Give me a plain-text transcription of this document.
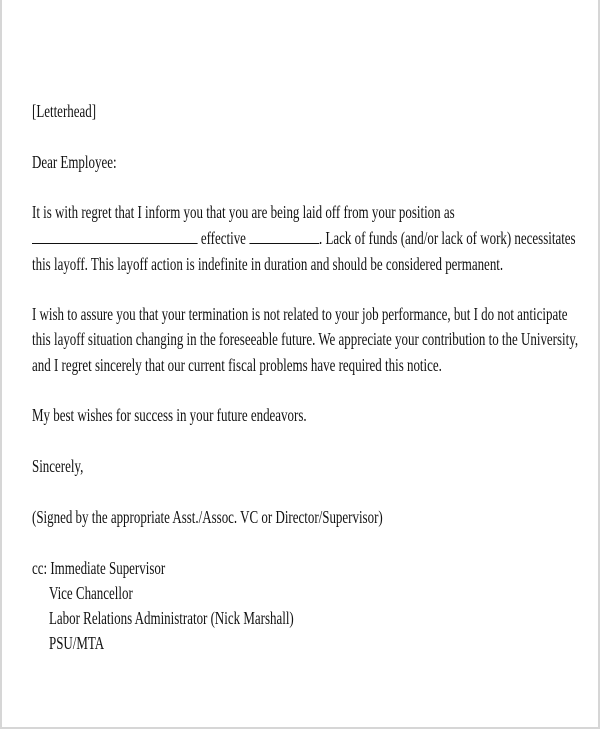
[Letterhead]
Dear Employee:
It is with regret that I inform you that you are being laid off from your position as
effective	. Lack of funds (and/or lack of work) necessitates
this layoff. This layoff action is indefinite in duration and should be considered permanent.
I wish to assure you that your termination is not related to your job performance, but I do not anticipate
this layoff situation changing in the foreseeable future. We appreciate your contribution to the University,
and I regret sincerely that our current fiscal problems have required this notice.
My best wishes for success in your future endeavors.
Sincerely,
(Signed by the appropriate Asst./Assoc. VC or Director/Supervisor)
cc: Immediate Supervisor
Vice Chancellor
Labor Relations Administrator (Nick Marshall)
PSU/MTA
